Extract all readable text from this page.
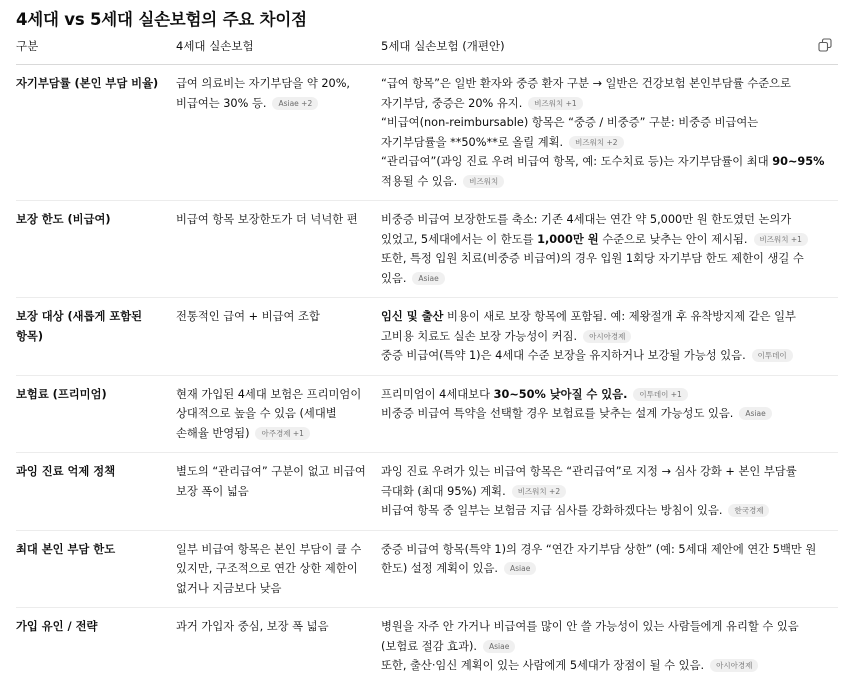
4세대 vs 5세대 실손보험의 주요 차이점
구분	4세대 실손보험	5세대 실손보험 (개편안)

자기부담률 (본인 부담 비율)	급여 의료비는 자기부담을 약 20%, 비급여는 30% 등. Asiae +2	“급여 항목”은 일반 환자와 중증 환자 구분 → 일반은 건강보험 본인부담률 수준으로 자기부담, 중증은 20% 유지. 비즈워치 +1
“비급여(non-reimbursable) 항목은 “중증 / 비중증” 구분: 비중증 비급여는 자기부담률을 **50%**로 올릴 계획. 비즈워치 +2
“관리급여”(과잉 진료 우려 비급여 항목, 예: 도수치료 등)는 자기부담률이 최대 90~95% 적용될 수 있음. 비즈워치

보장 한도 (비급여)	비급여 항목 보장한도가 더 넉넉한 편	비중증 비급여 보장한도를 축소: 기존 4세대는 연간 약 5,000만 원 한도였던 논의가 있었고, 5세대에서는 이 한도를 1,000만 원 수준으로 낮추는 안이 제시됨. 비즈워치 +1
또한, 특정 입원 치료(비중증 비급여)의 경우 입원 1회당 자기부담 한도 제한이 생길 수 있음. Asiae

보장 대상 (새롭게 포함된 항목)	전통적인 급여 + 비급여 조합	임신 및 출산 비용이 새로 보장 항목에 포함됨. 예: 제왕절개 후 유착방지제 같은 일부 고비용 치료도 실손 보장 가능성이 커짐. 아시아경제
중증 비급여(특약 1)은 4세대 수준 보장을 유지하거나 보강될 가능성 있음. 이투데이

보험료 (프리미엄)	현재 가입된 4세대 보험은 프리미엄이 상대적으로 높을 수 있음 (세대별 손해율 반영됨) 아주경제 +1	프리미엄이 4세대보다 30~50% 낮아질 수 있음. 이투데이 +1
비중증 비급여 특약을 선택할 경우 보험료를 낮추는 설계 가능성도 있음. Asiae

과잉 진료 억제 정책	별도의 “관리급여” 구분이 없고 비급여 보장 폭이 넓음	과잉 진료 우려가 있는 비급여 항목은 “관리급여”로 지정 → 심사 강화 + 본인 부담률 극대화 (최대 95%) 계획. 비즈워치 +2
비급여 항목 중 일부는 보험금 지급 심사를 강화하겠다는 방침이 있음. 한국경제

최대 본인 부담 한도	일부 비급여 항목은 본인 부담이 클 수 있지만, 구조적으로 연간 상한 제한이 없거나 지금보다 낮음	중증 비급여 항목(특약 1)의 경우 “연간 자기부담 상한” (예: 5세대 제안에 연간 5백만 원 한도) 설정 계획이 있음. Asiae

가입 유인 / 전략	과거 가입자 중심, 보장 폭 넓음	병원을 자주 안 가거나 비급여를 많이 안 쓸 가능성이 있는 사람들에게 유리할 수 있음 (보험료 절감 효과). Asiae
또한, 출산·임신 계획이 있는 사람에게 5세대가 장점이 될 수 있음. 아시아경제
